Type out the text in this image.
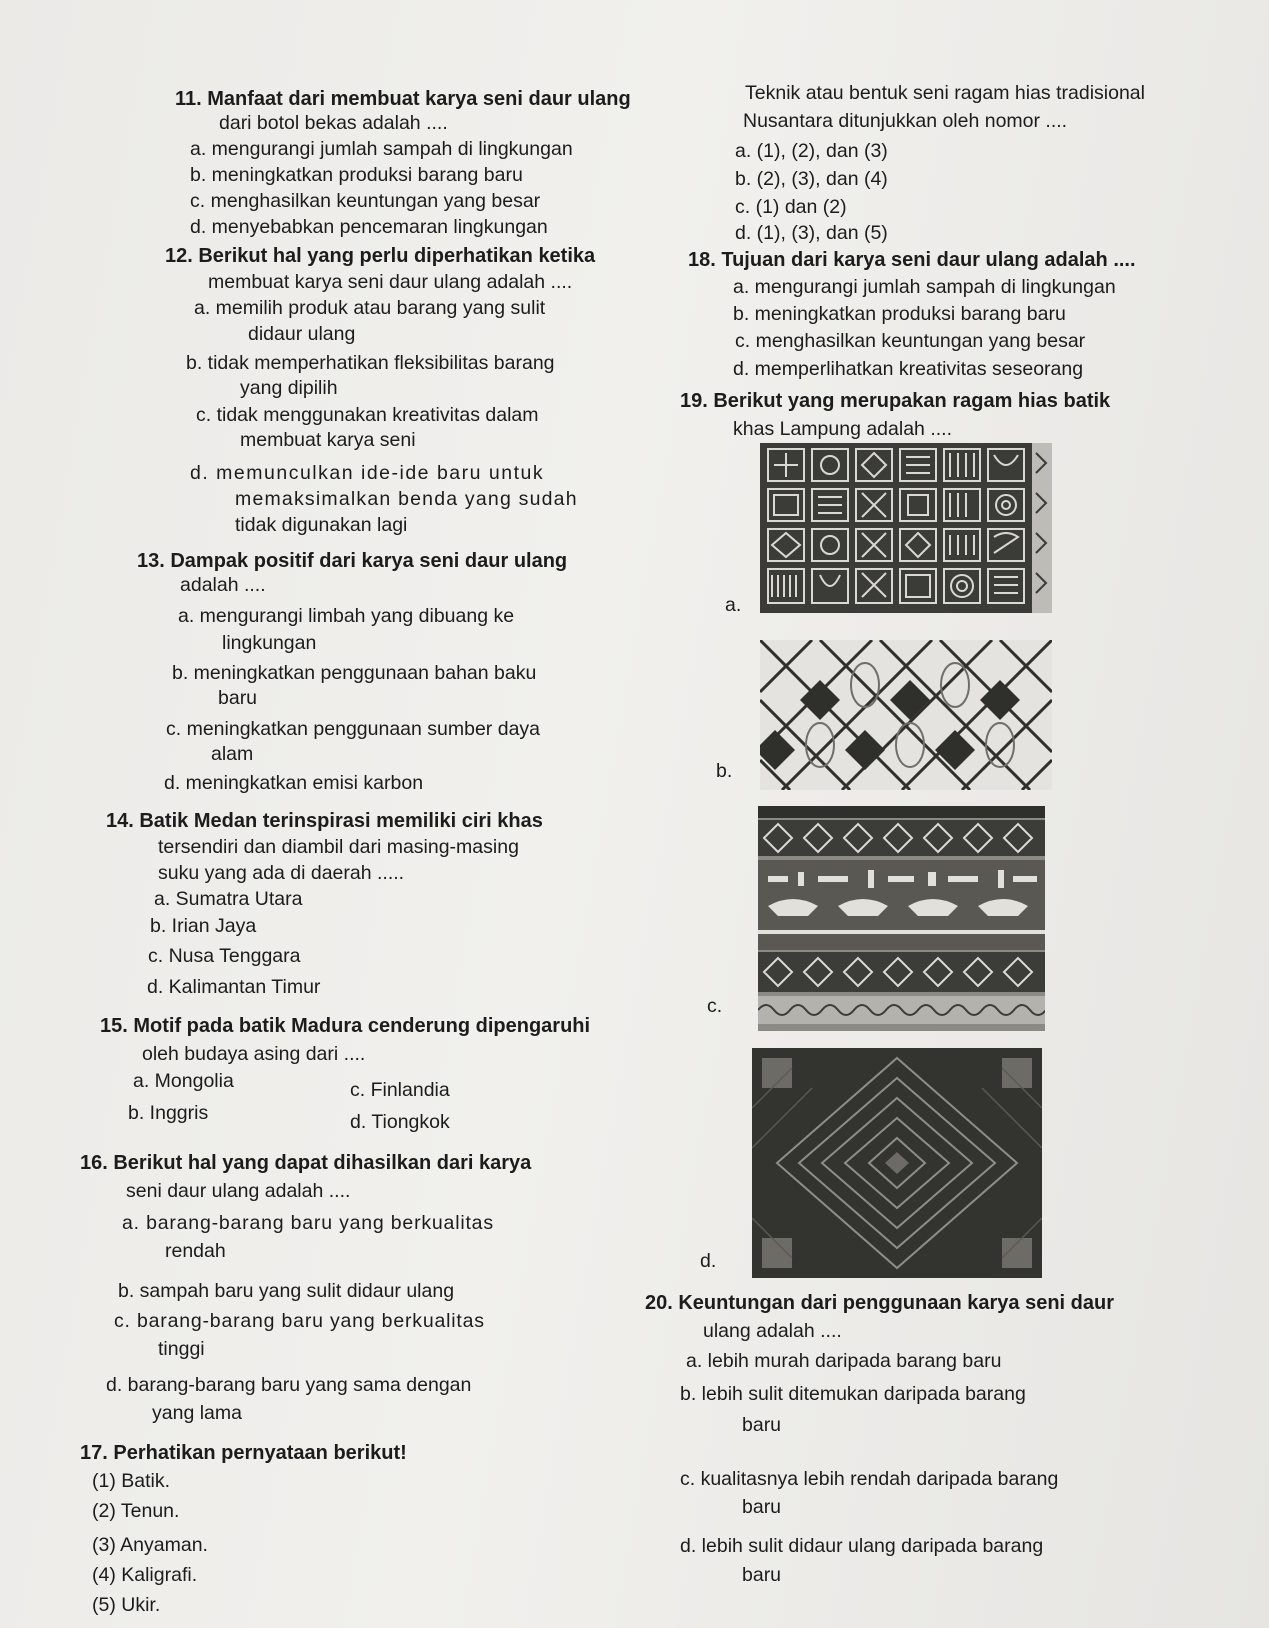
11. Manfaat dari membuat karya seni daur ulang
dari botol bekas adalah ....
a. mengurangi jumlah sampah di lingkungan
b. meningkatkan produksi barang baru
c. menghasilkan keuntungan yang besar
d. menyebabkan pencemaran lingkungan
12. Berikut hal yang perlu diperhatikan ketika
membuat karya seni daur ulang adalah ....
a. memilih produk atau barang yang sulit
didaur ulang
b. tidak memperhatikan fleksibilitas barang
yang dipilih
c. tidak menggunakan kreativitas dalam
membuat karya seni
d. memunculkan ide-ide baru untuk
memaksimalkan benda yang sudah
tidak digunakan lagi
13. Dampak positif dari karya seni daur ulang
adalah ....
a. mengurangi limbah yang dibuang ke
lingkungan
b. meningkatkan penggunaan bahan baku
baru
c. meningkatkan penggunaan sumber daya
alam
d. meningkatkan emisi karbon
14. Batik Medan terinspirasi memiliki ciri khas
tersendiri dan diambil dari masing-masing
suku yang ada di daerah .....
a. Sumatra Utara
b. Irian Jaya
c. Nusa Tenggara
d. Kalimantan Timur
15. Motif pada batik Madura cenderung dipengaruhi
oleh budaya asing dari ....
a. Mongolia
b. Inggris
c. Finlandia
d. Tiongkok
16. Berikut hal yang dapat dihasilkan dari karya
seni daur ulang adalah ....
a. barang-barang baru yang berkualitas
rendah
b. sampah baru yang sulit didaur ulang
c. barang-barang baru yang berkualitas
tinggi
d. barang-barang baru yang sama dengan
yang lama
17. Perhatikan pernyataan berikut!
(1) Batik.
(2) Tenun.
(3) Anyaman.
(4) Kaligrafi.
(5) Ukir.
Teknik atau bentuk seni ragam hias tradisional
Nusantara ditunjukkan oleh nomor ....
a. (1), (2), dan (3)
b. (2), (3), dan (4)
c. (1) dan (2)
d. (1), (3), dan (5)
18. Tujuan dari karya seni daur ulang adalah ....
a. mengurangi jumlah sampah di lingkungan
b. meningkatkan produksi barang baru
c. menghasilkan keuntungan yang besar
d. memperlihatkan kreativitas seseorang
19. Berikut yang merupakan ragam hias batik
khas Lampung adalah ....
a.
b.
c.
d.
20. Keuntungan dari penggunaan karya seni daur
ulang adalah ....
a. lebih murah daripada barang baru
b. lebih sulit ditemukan daripada barang
baru
c. kualitasnya lebih rendah daripada barang
baru
d. lebih sulit didaur ulang daripada barang
baru
